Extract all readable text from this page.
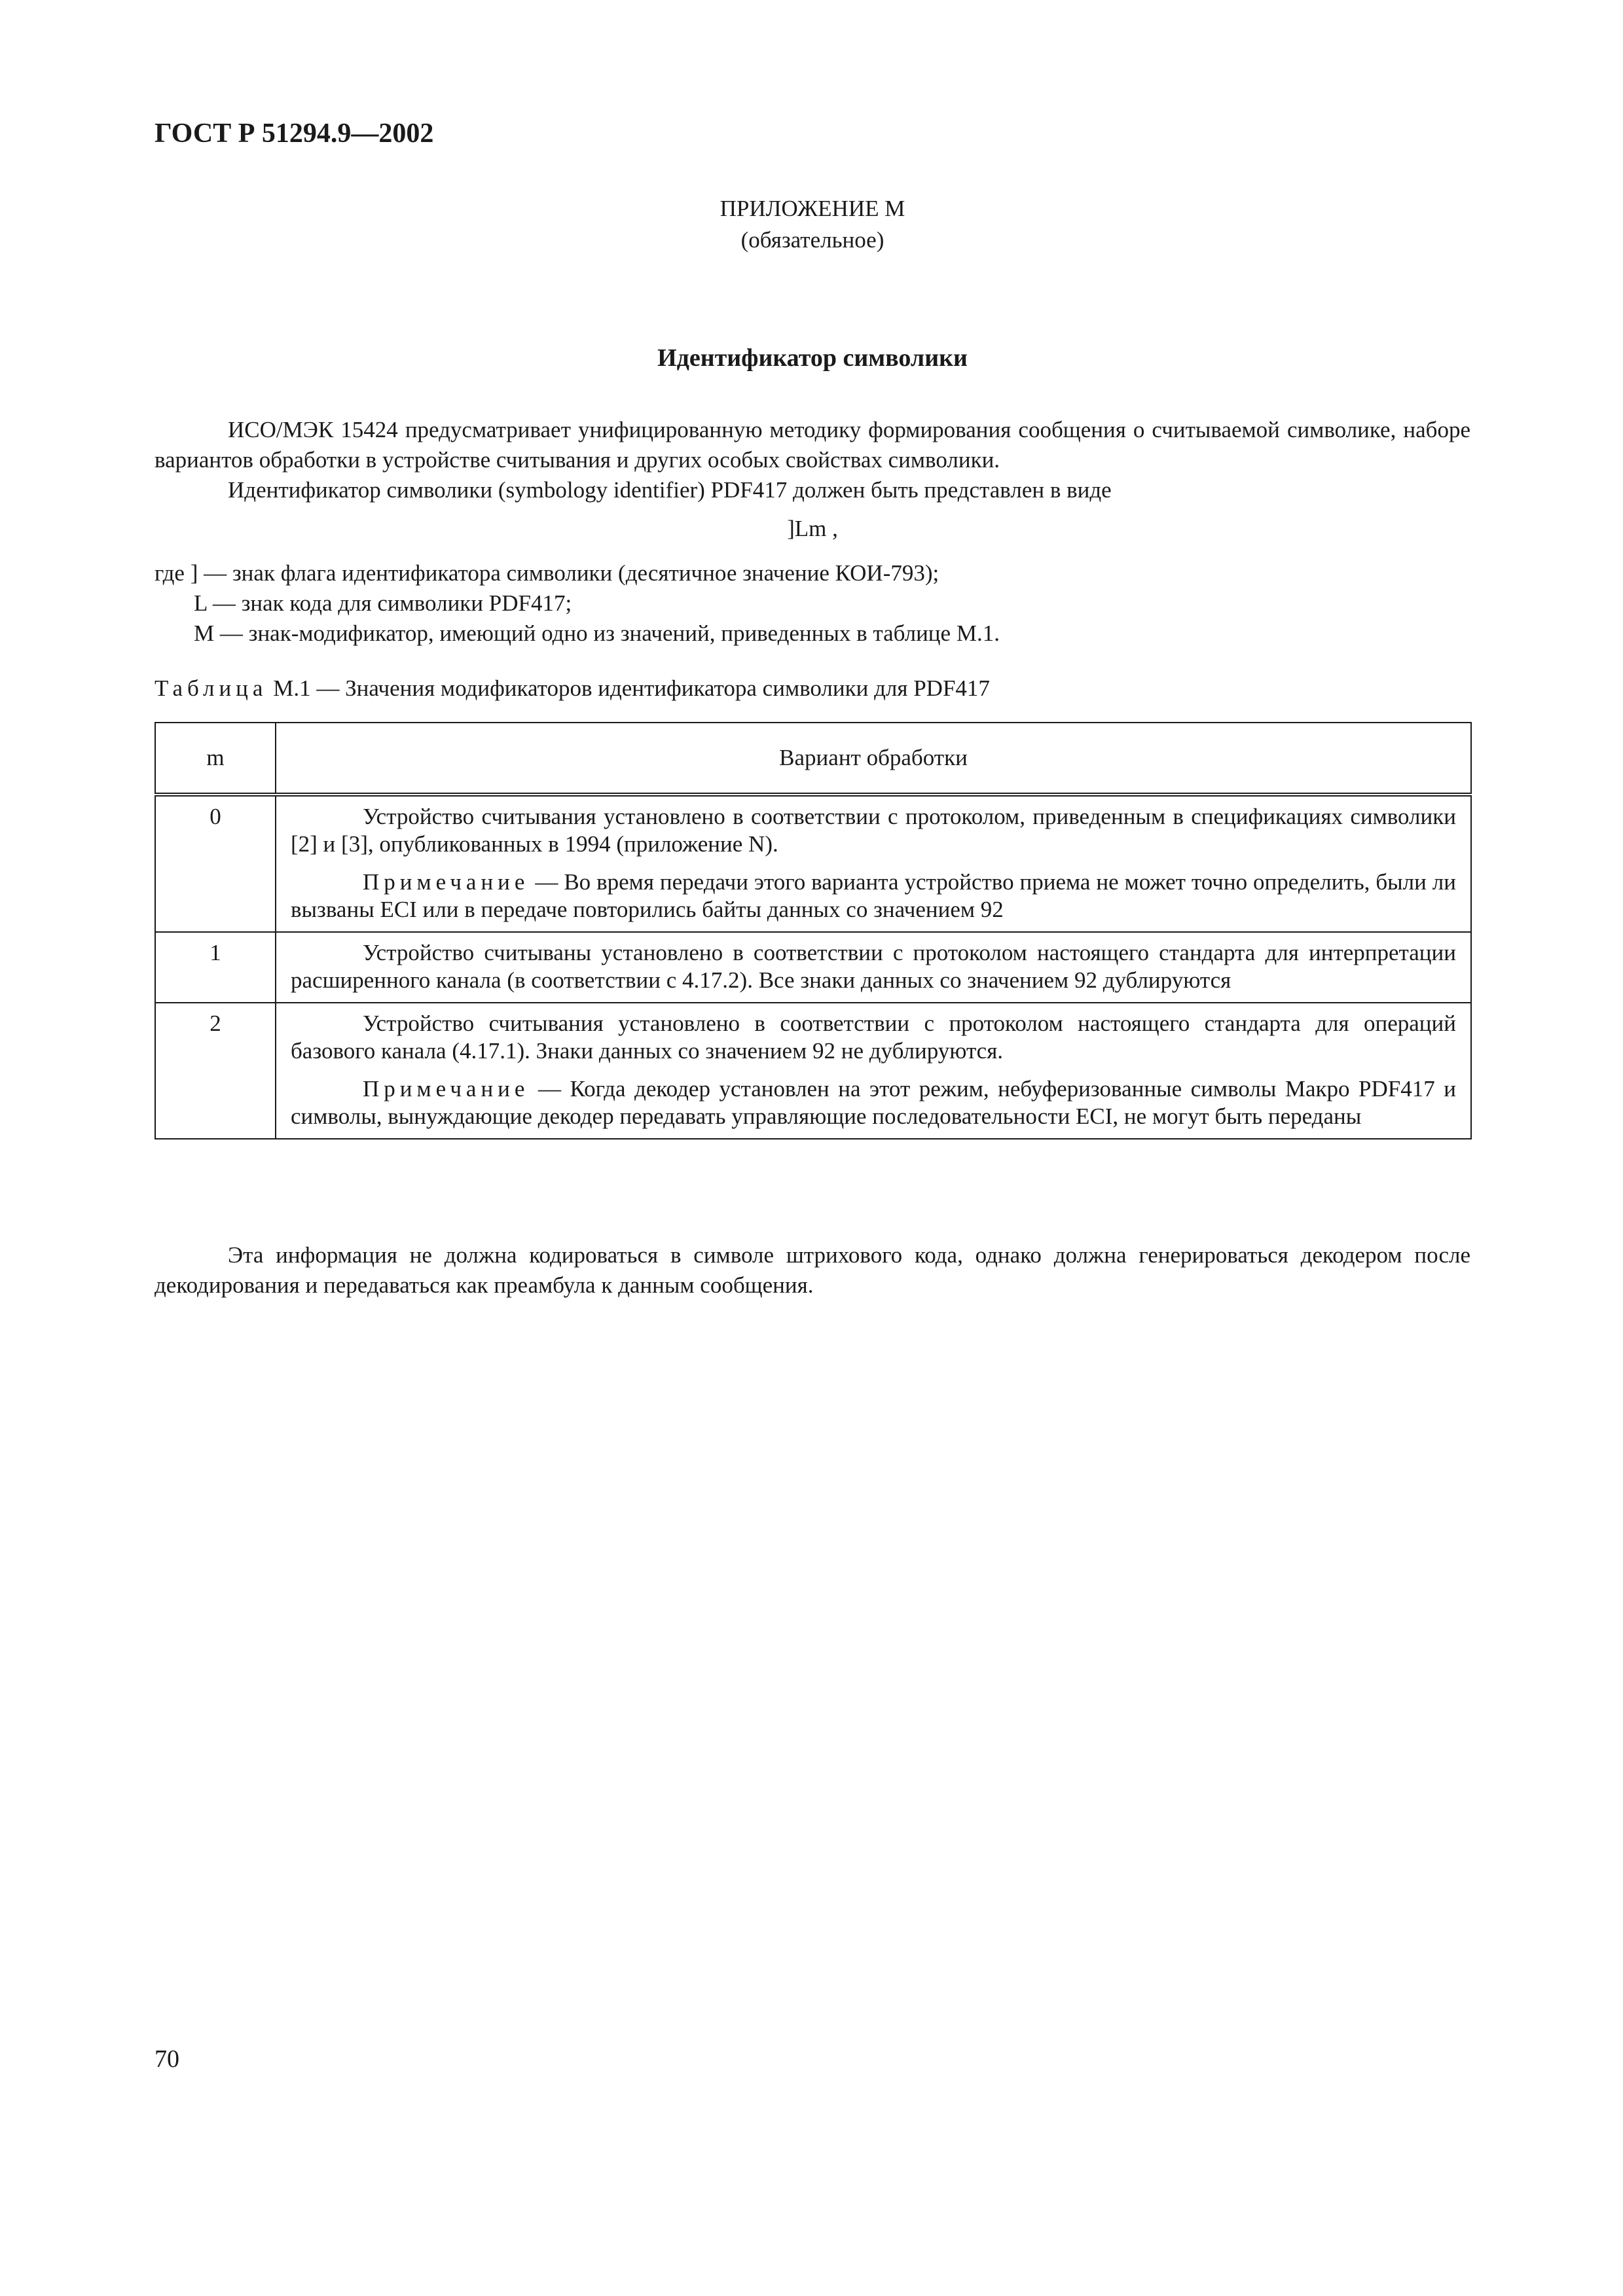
ГОСТ Р 51294.9—2002
ПРИЛОЖЕНИЕ М
(обязательное)
Идентификатор символики

ИСО/МЭК 15424 предусматривает унифицированную методику формирования сообщения о считываемой символике, наборе вариантов обработки в устройстве считывания и других особых свойствах символики.

Идентификатор символики (symbology identifier) PDF417 должен быть представлен в виде

]Lm ,
где ] — знак флага идентификатора символики (десятичное значение КОИ-793);
L — знак кода для символики PDF417;
M — знак-модификатор, имеющий одно из значений, приведенных в таблице М.1.
Таблица М.1 — Значения модификаторов идентификатора символики для PDF417
m	Вариант обработки
0	Устройство считывания установлено в соответствии с протоколом, приведенным в спецификациях символики [2] и [3], опубликованных в 1994 (приложение N).

Примечание — Во время передачи этого варианта устройство приема не может точно определить, были ли вызваны ECI или в передаче повторились байты данных со значением 92

1	Устройство считываны установлено в соответствии с протоколом настоящего стандарта для интерпретации расширенного канала (в соответствии с 4.17.2). Все знаки данных со значением 92 дублируются

2	Устройство считывания установлено в соответствии с протоколом настоящего стандарта для операций базового канала (4.17.1). Знаки данных со значением 92 не дублируются.

Примечание — Когда декодер установлен на этот режим, небуферизованные символы Макро PDF417 и символы, вынуждающие декодер передавать управляющие последовательности ECI, не могут быть переданы

Эта информация не должна кодироваться в символе штрихового кода, однако должна генерироваться декодером после декодирования и передаваться как преамбула к данным сообщения.

70
